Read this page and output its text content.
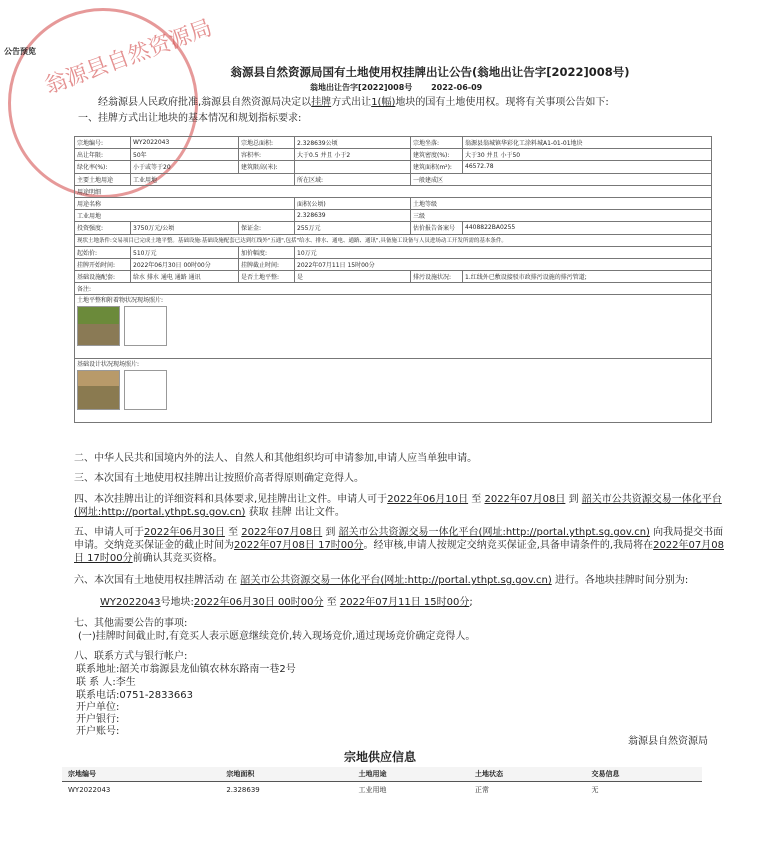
翁源县自然资源局
公告预览
翁源县自然资源局国有土地使用权挂牌出让公告(翁地出让告字[2022]008号)
翁地出让告字[2022]008号 2022-06-09
经翁源县人民政府批准,翁源县自然资源局决定以挂牌方式出让1(幅)地块的国有土地使用权。现将有关事项公告如下:
一、挂牌方式出让地块的基本情况和规划指标要求:
宗地编号:	WY2022043	宗地总面积:	2.328639公顷	宗地坐落:	翁源县翁城镇华彩化工涂料城A1-01-01地块
出让年限:	50年	容积率:	大于0.5 并且 小于2	建筑密度(%):	大于30 并且 小于50
绿化率(%):	小于或等于20	建筑限高(米):		建筑面积(m²):	46572.78
主要土地用途	工业用地		所在区域:	一般建成区	
用途明细					
用途名称			面积(公顷)	土地等级	
工业用地			2.328639	三级	
投资强度:	3750万元/公顷	保证金:	255万元	估价报告备案号	4408822BA0255
现状土地条件:交易项目已完成土地平整。基础设施:基础设施配套已达到红线外"五通",包括"给水、排水、通电、通路、通讯",具备施工设备与人员进场动工开发所需的基本条件。					
起始价:	510万元	加价幅度:	10万元		
挂牌开始时间:	2022年06月30日 00时00分	挂牌截止时间:	2022年07月11日 15时00分		
基础设施配套:	给水 排水 通电 通路 通讯	是否土地平整:	是	排污设施状况:	1.红线外已敷设接驳市政排污设施的排污管道;
备注:					

土地平整和附着物状况现场照片:					

基础设计状况现场照片:					
二、中华人民共和国境内外的法人、自然人和其他组织均可申请参加,申请人应当单独申请。
三、本次国有土地使用权挂牌出让按照价高者得原则确定竞得人。
四、本次挂牌出让的详细资料和具体要求,见挂牌出让文件。申请人可于2022年06月10日 至 2022年07月08日 到 韶关市公共资源交易一体化平台(网址:http://portal.ythpt.sg.gov.cn) 获取 挂牌 出让文件。
五、申请人可于2022年06月30日 至 2022年07月08日 到 韶关市公共资源交易一体化平台(网址:http://portal.ythpt.sg.gov.cn) 向我局提交书面申请。交纳竞买保证金的截止时间为2022年07月08日 17时00分。经审核,申请人按规定交纳竞买保证金,具备申请条件的,我局将在2022年07月08日 17时00分前确认其竞买资格。
六、本次国有土地使用权挂牌活动 在 韶关市公共资源交易一体化平台(网址:http://portal.ythpt.sg.gov.cn) 进行。各地块挂牌时间分别为:
WY2022043号地块:2022年06月30日 00时00分 至 2022年07月11日 15时00分;
七、其他需要公告的事项:
(一)挂牌时间截止时,有竞买人表示愿意继续竞价,转入现场竞价,通过现场竞价确定竞得人。
八、联系方式与银行帐户:
联系地址:韶关市翁源县龙仙镇农林东路南一巷2号
联 系 人:李生
联系电话:0751-2833663
开户单位:
开户银行:
开户账号:
翁源县自然资源局
宗地供应信息
宗地编号	宗地面积	土地用途	土地状态	交易信息
WY2022043	2.328639	工业用地	正常	无
